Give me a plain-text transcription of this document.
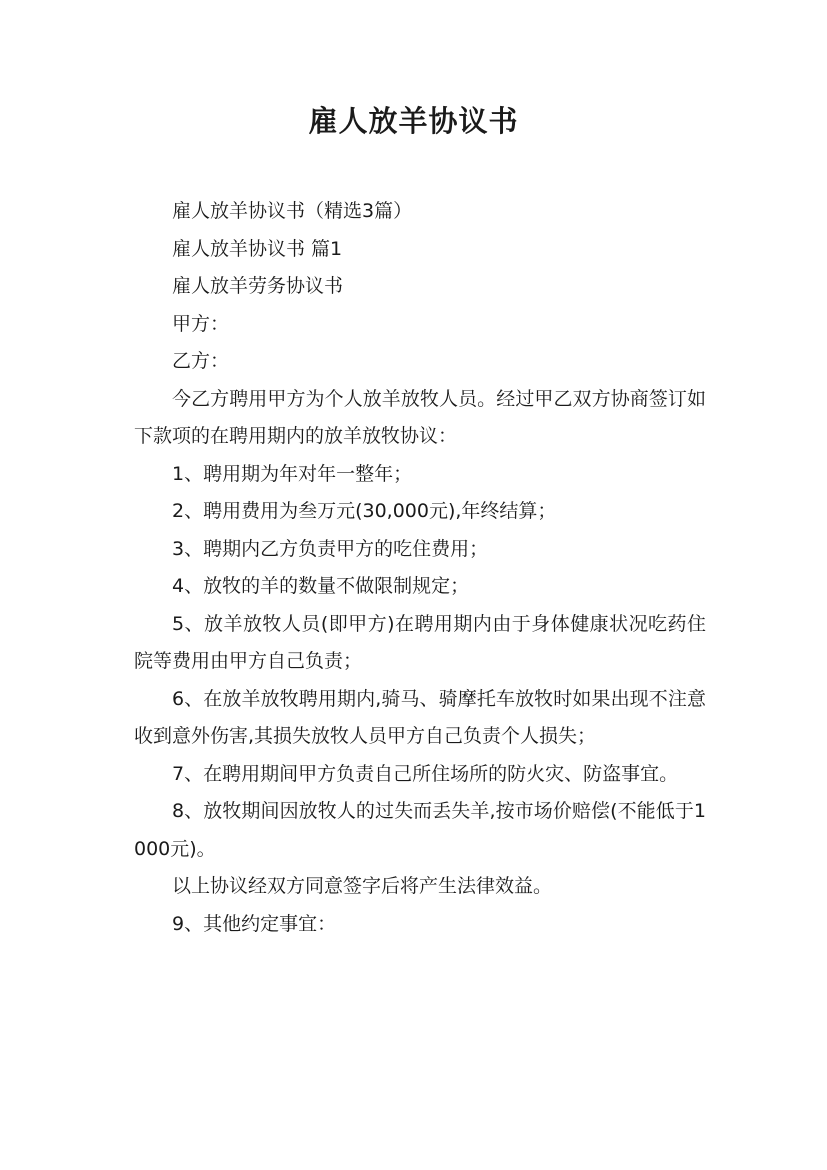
雇人放羊协议书

雇人放羊协议书（精选3篇）

雇人放羊协议书 篇1

雇人放羊劳务协议书

甲方：

乙方：

今乙方聘用甲方为个人放羊放牧人员。经过甲乙双方协商签订如下款项的在聘用期内的放羊放牧协议：

1、聘用期为年对年一整年；

2、聘用费用为叁万元(30,000元),年终结算；

3、聘期内乙方负责甲方的吃住费用；

4、放牧的羊的数量不做限制规定；

5、放羊放牧人员(即甲方)在聘用期内由于身体健康状况吃药住院等费用由甲方自己负责；

6、在放羊放牧聘用期内,骑马、骑摩托车放牧时如果出现不注意收到意外伤害,其损失放牧人员甲方自己负责个人损失；

7、在聘用期间甲方负责自己所住场所的防火灾、防盗事宜。

8、放牧期间因放牧人的过失而丢失羊,按市场价赔偿(不能低于1000元)。

以上协议经双方同意签字后将产生法律效益。

9、其他约定事宜：
